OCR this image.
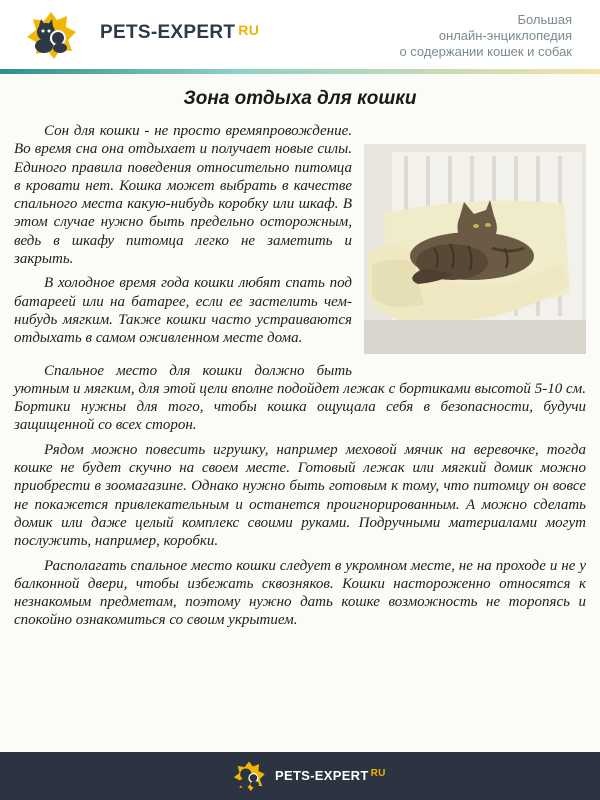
PETS-EXPERT $^{RU}$
Большая
онлайн-энциклопедия
о содержании кошек и собак
Зона отдыха для кошки

Сон для кошки - не просто времяпровождение. Во время сна она отдыхает и получает новые силы. Единого правила поведения относительно питомца в кровати нет. Кошка может выбрать в качестве спального места какую-нибудь коробку или шкаф. В этом случае нужно быть предельно осторожным, ведь в шкафу питомца легко не заметить и закрыть.

В холодное время года кошки любят спать под батареей или на батарее, если ее застелить чем-нибудь мягким. Также кошки часто устраиваются отдыхать в самом оживленном месте дома.

Спальное место для кошки должно быть уютным и мягким, для этой цели вполне подойдет лежак с бортиками высотой 5-10 см. Бортики нужны для того, чтобы кошка ощущала себя в безопасности, будучи защищенной со всех сторон.

Рядом можно повесить игрушку, например меховой мячик на веревочке, тогда кошке не будет скучно на своем месте. Готовый лежак или мягкий домик можно приобрести в зоомагазине. Однако нужно быть готовым к тому, что питомцу он вовсе не покажется привлекательным и останется проигнорированным. А можно сделать домик или даже целый комплекс своими руками. Подручными материалами могут послужить, например, коробки.

Располагать спальное место кошки следует в укромном месте, не на проходе и не у балконной двери, чтобы избежать сквозняков. Кошки настороженно относятся к незнакомым предметам, поэтому нужно дать кошке возможность не торопясь и спокойно ознакомиться со своим укрытием.

PETS-EXPERT $^{RU}$
